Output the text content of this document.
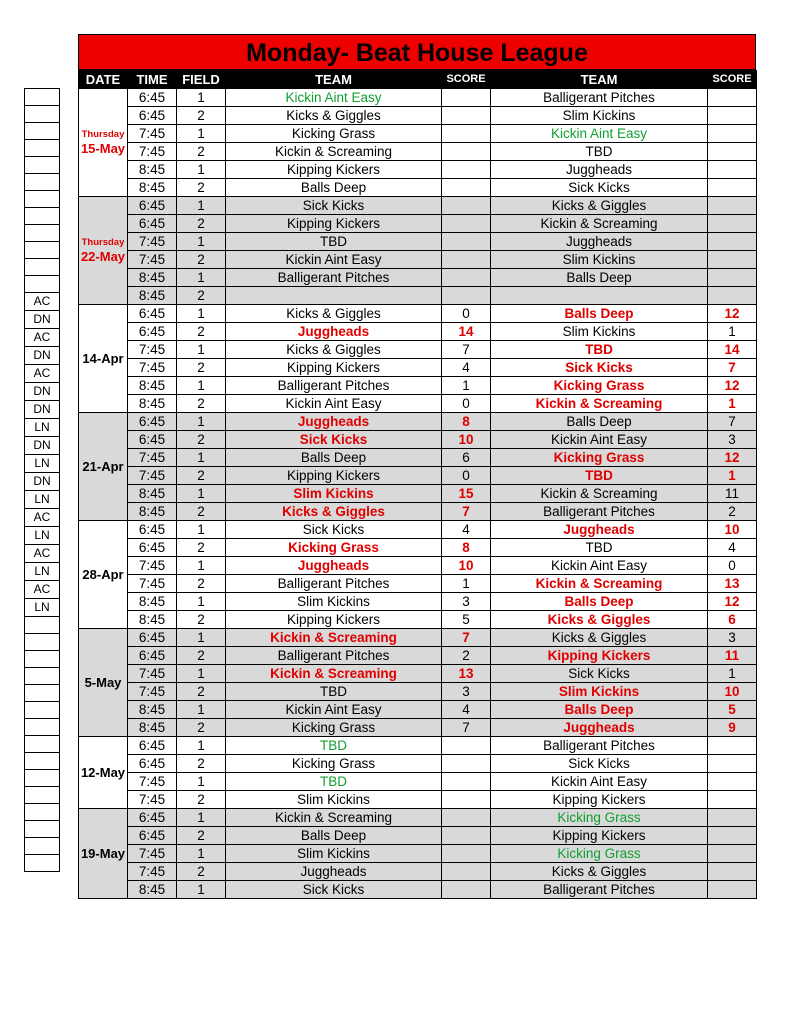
AC
DN
AC
DN
AC
DN
DN
LN
DN
LN
DN
LN
AC
LN
AC
LN
AC
LN

Monday- Beat House League
DATE	TIME	FIELD	TEAM	SCORE	TEAM	SCORE

Thursday
15-May	6:45	1	Kickin Aint Easy		Balligerant Pitches	
	6:45	2	Kicks & Giggles		Slim Kickins	
	7:45	1	Kicking Grass		Kickin Aint Easy	
	7:45	2	Kickin & Screaming		TBD	
	8:45	1	Kipping Kickers		Juggheads	
	8:45	2	Balls Deep		Sick Kicks	

Thursday
22-May	6:45	1	Sick Kicks		Kicks & Giggles	
	6:45	2	Kipping Kickers		Kickin & Screaming	
	7:45	1	TBD		Juggheads	
	7:45	2	Kickin Aint Easy		Slim Kickins	
	8:45	1	Balligerant Pitches		Balls Deep	
	8:45	2				

14-Apr	6:45	1	Kicks & Giggles	0	Balls Deep	12
	6:45	2	Juggheads	14	Slim Kickins	1
	7:45	1	Kicks & Giggles	7	TBD	14
	7:45	2	Kipping Kickers	4	Sick Kicks	7
	8:45	1	Balligerant Pitches	1	Kicking Grass	12
	8:45	2	Kickin Aint Easy	0	Kickin & Screaming	1

21-Apr	6:45	1	Juggheads	8	Balls Deep	7
	6:45	2	Sick Kicks	10	Kickin Aint Easy	3
	7:45	1	Balls Deep	6	Kicking Grass	12
	7:45	2	Kipping Kickers	0	TBD	1
	8:45	1	Slim Kickins	15	Kickin & Screaming	11
	8:45	2	Kicks & Giggles	7	Balligerant Pitches	2

28-Apr	6:45	1	Sick Kicks	4	Juggheads	10
	6:45	2	Kicking Grass	8	TBD	4
	7:45	1	Juggheads	10	Kickin Aint Easy	0
	7:45	2	Balligerant Pitches	1	Kickin & Screaming	13
	8:45	1	Slim Kickins	3	Balls Deep	12
	8:45	2	Kipping Kickers	5	Kicks & Giggles	6

5-May	6:45	1	Kickin & Screaming	7	Kicks & Giggles	3
	6:45	2	Balligerant Pitches	2	Kipping Kickers	11
	7:45	1	Kickin & Screaming	13	Sick Kicks	1
	7:45	2	TBD	3	Slim Kickins	10
	8:45	1	Kickin Aint Easy	4	Balls Deep	5
	8:45	2	Kicking Grass	7	Juggheads	9

12-May	6:45	1	TBD		Balligerant Pitches	
	6:45	2	Kicking Grass		Sick Kicks	
	7:45	1	TBD		Kickin Aint Easy	
	7:45	2	Slim Kickins		Kipping Kickers	

19-May	6:45	1	Kickin & Screaming		Kicking Grass	
	6:45	2	Balls Deep		Kipping Kickers	
	7:45	1	Slim Kickins		Kicking Grass	
	7:45	2	Juggheads		Kicks & Giggles	
	8:45	1	Sick Kicks		Balligerant Pitches	
